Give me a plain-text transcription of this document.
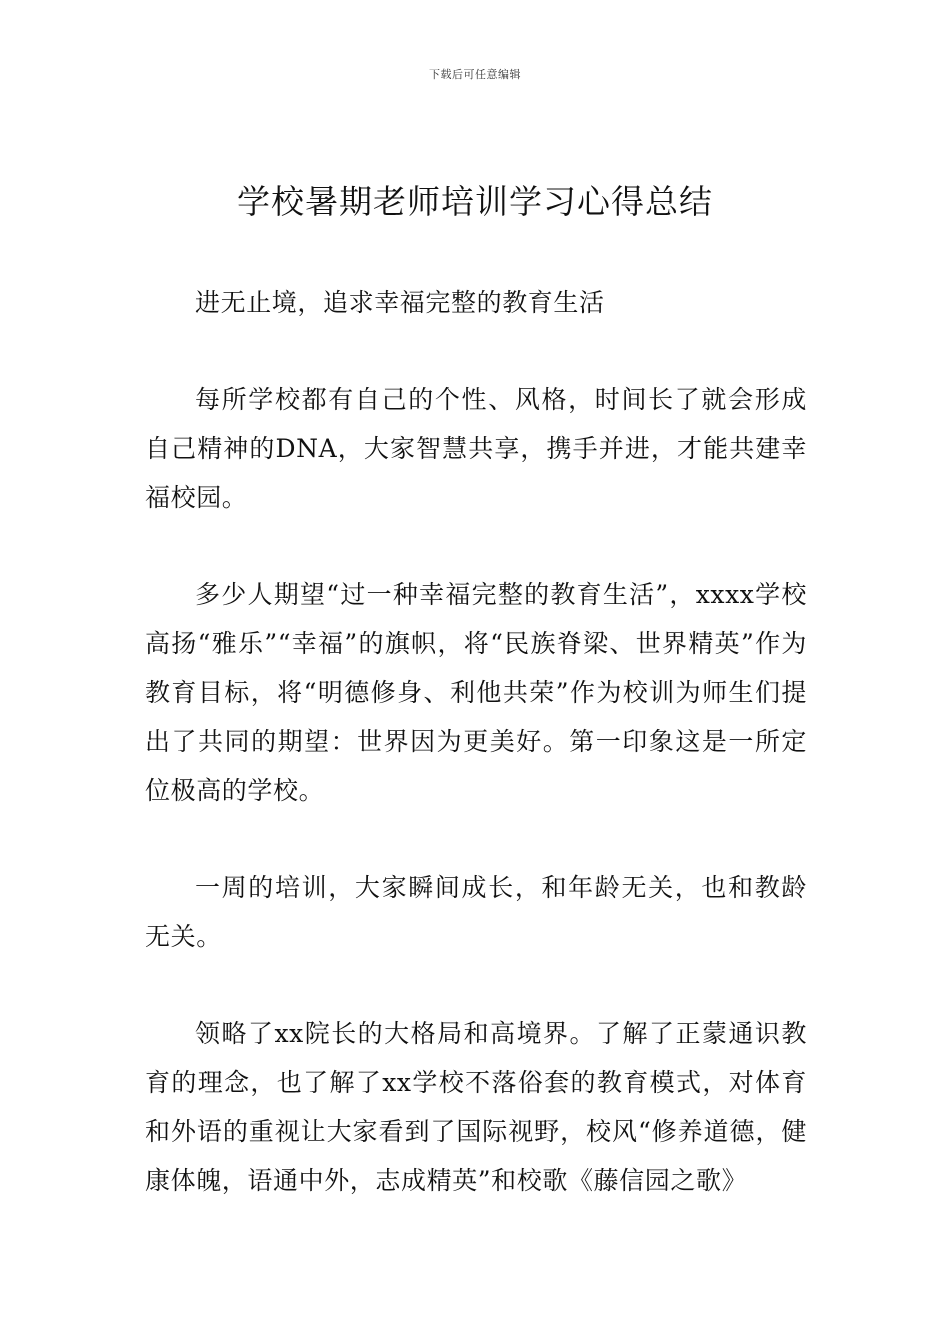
下载后可任意编辑
学校暑期老师培训学习心得总结

进无止境，追求幸福完整的教育生活

每所学校都有自己的个性、风格，时间长了就会形成自己精神的DNA，大家智慧共享，携手并进，才能共建幸福校园。

多少人期望“过一种幸福完整的教育生活”，xxxx学校高扬“雅乐”“幸福”的旗帜，将“民族脊梁、世界精英”作为教育目标，将“明德修身、利他共荣”作为校训为师生们提出了共同的期望：世界因为更美好。第一印象这是一所定位极高的学校。

一周的培训，大家瞬间成长，和年龄无关，也和教龄无关。

领略了xx院长的大格局和高境界。了解了正蒙通识教育的理念，也了解了xx学校不落俗套的教育模式，对体育和外语的重视让大家看到了国际视野，校风“修养道德，健康体魄，语通中外，志成精英”和校歌《藤信园之歌》
